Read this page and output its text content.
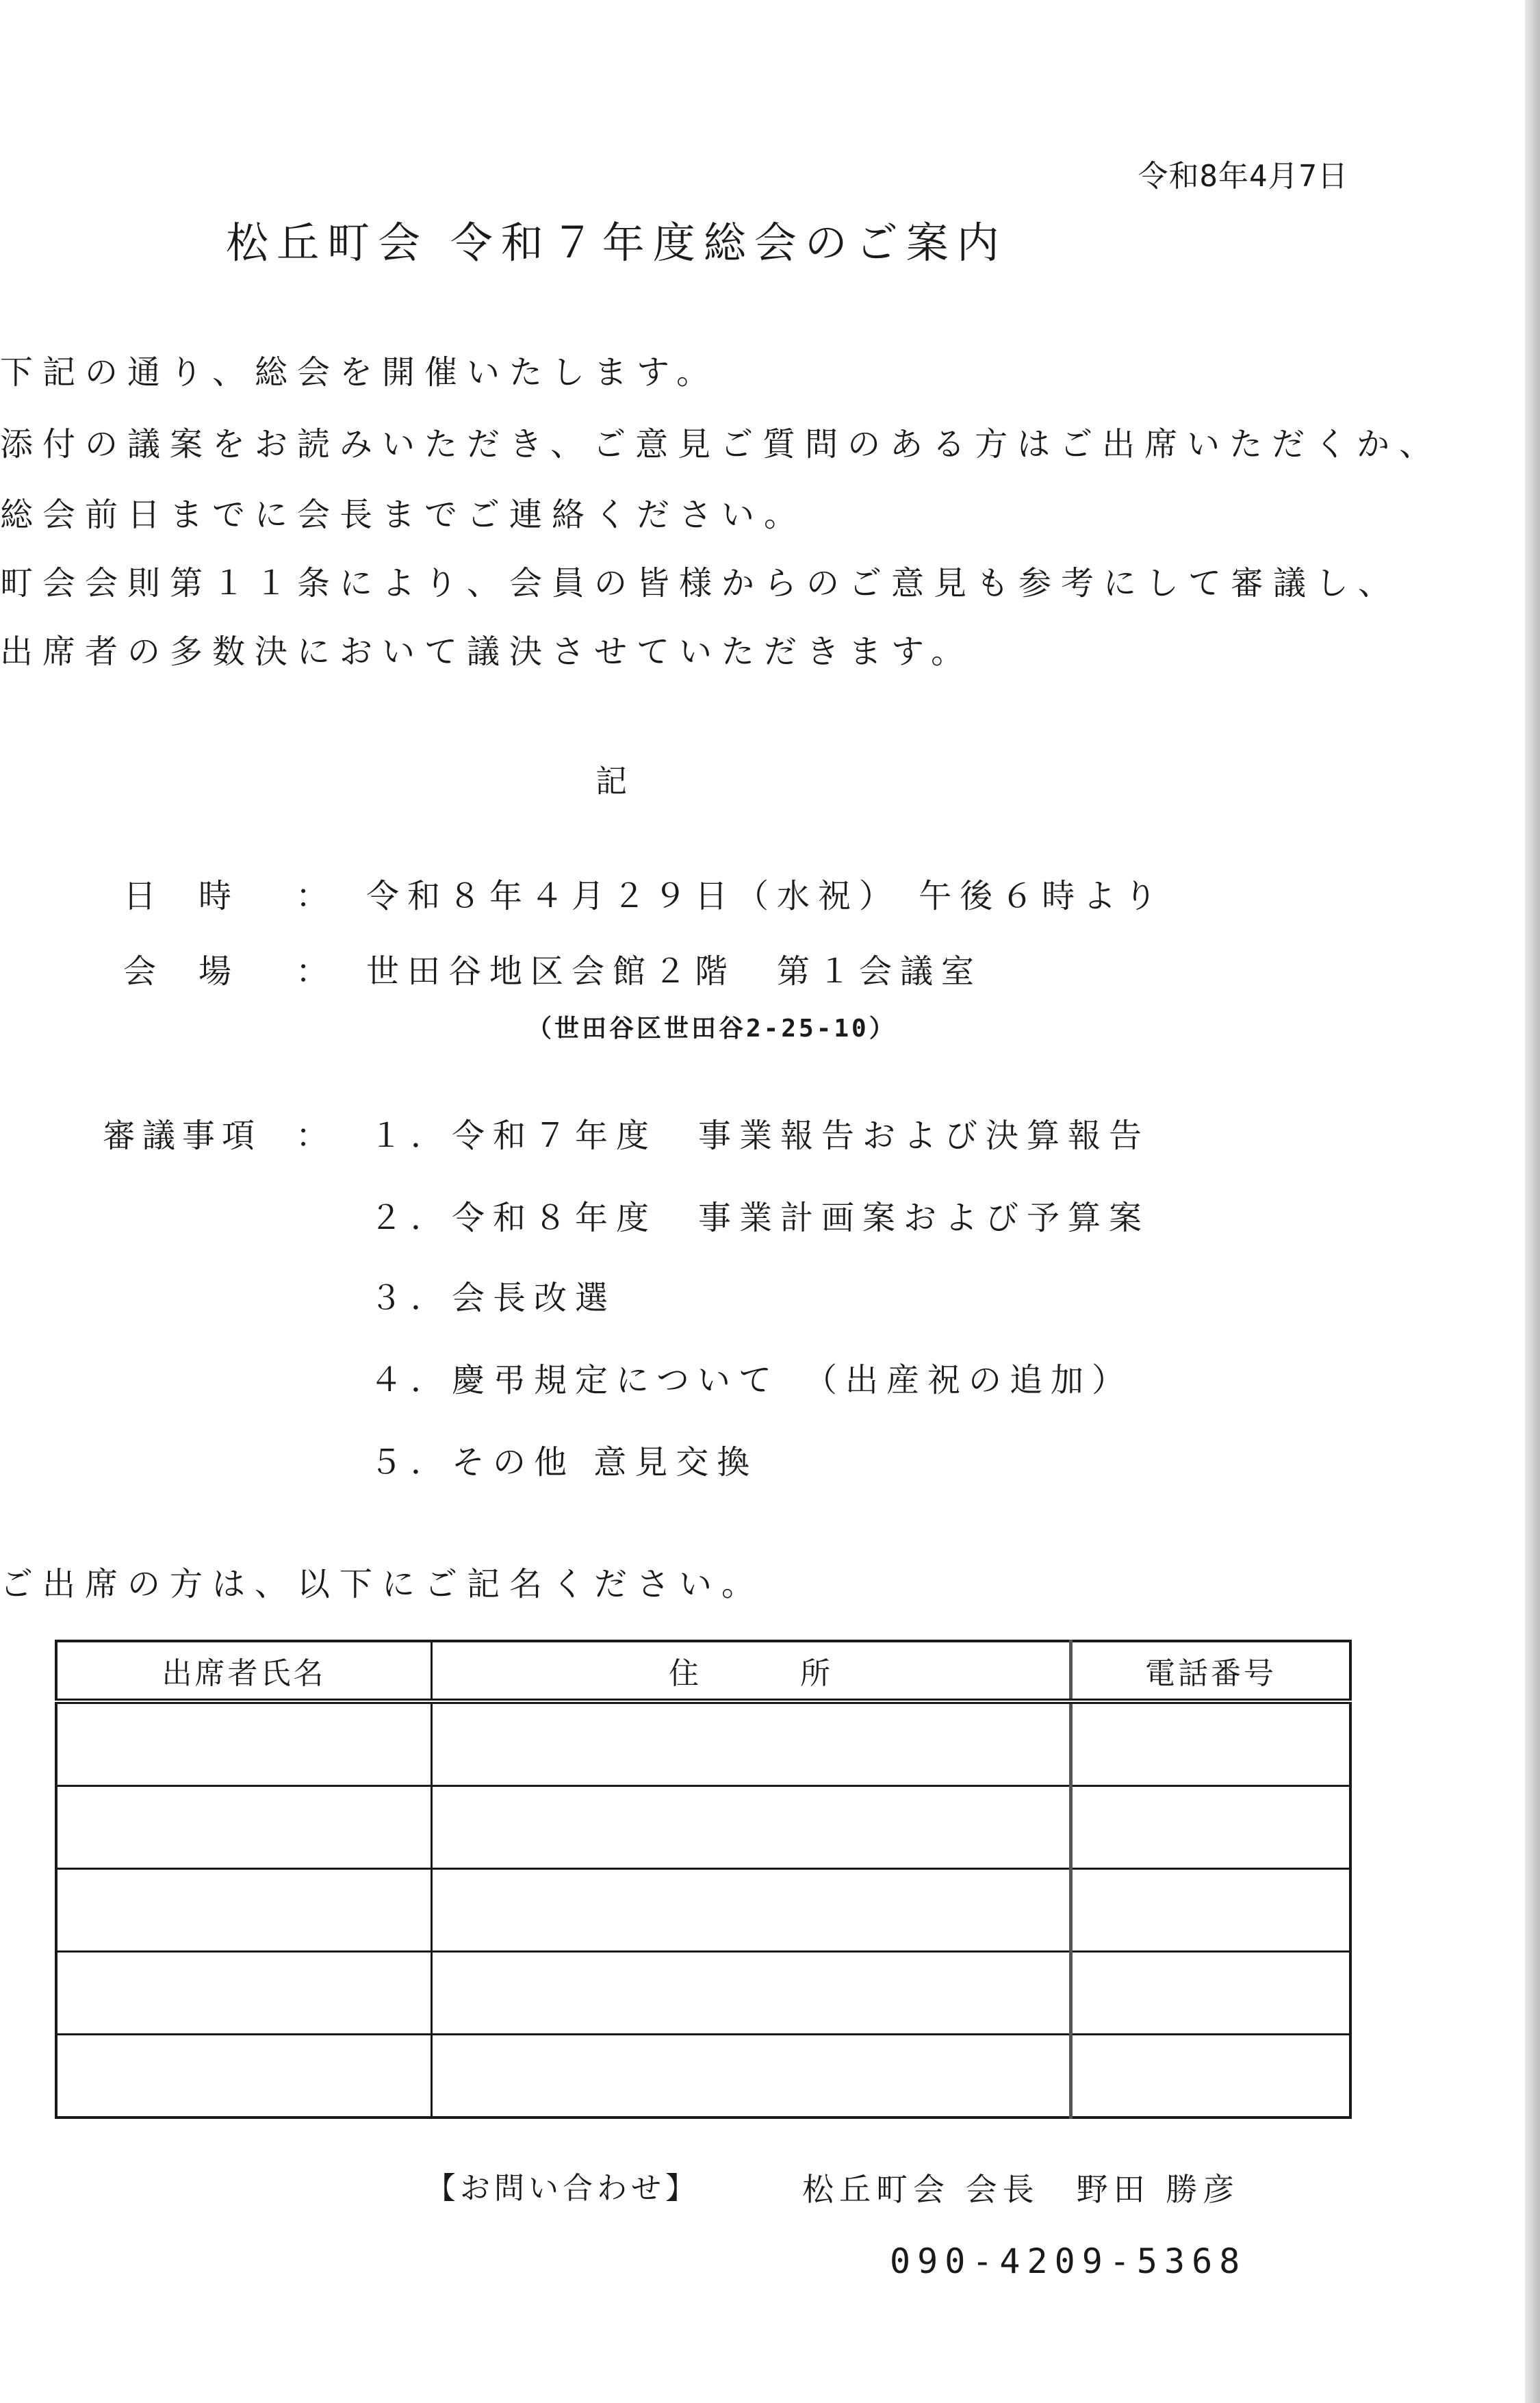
令和8年4月7日
松丘町会 令和７年度総会のご案内
下記の通り、総会を開催いたします。
添付の議案をお読みいただき、ご意見ご質問のある方はご出席いただくか、
総会前日までに会長までご連絡ください。
町会会則第１１条により、会員の皆様からのご意見も参考にして審議し、
出席者の多数決において議決させていただきます。
記
日時 ： 令和８年４月２９日（水祝） 午後６時より
会場 ： 世田谷地区会館２階　第１会議室
（世田谷区世田谷2-25-10）
審議事項 ： １．令和７年度　事業報告および決算報告
２．令和８年度　事業計画案および予算案
３．会長改選
４．慶弔規定について　（出産祝の追加）
５．その他 意見交換
ご出席の方は、以下にご記名ください。
出席者氏名	住　　　所	電話番号

【お問い合わせ】	松丘町会 会長　野田 勝彦
090-4209-5368
